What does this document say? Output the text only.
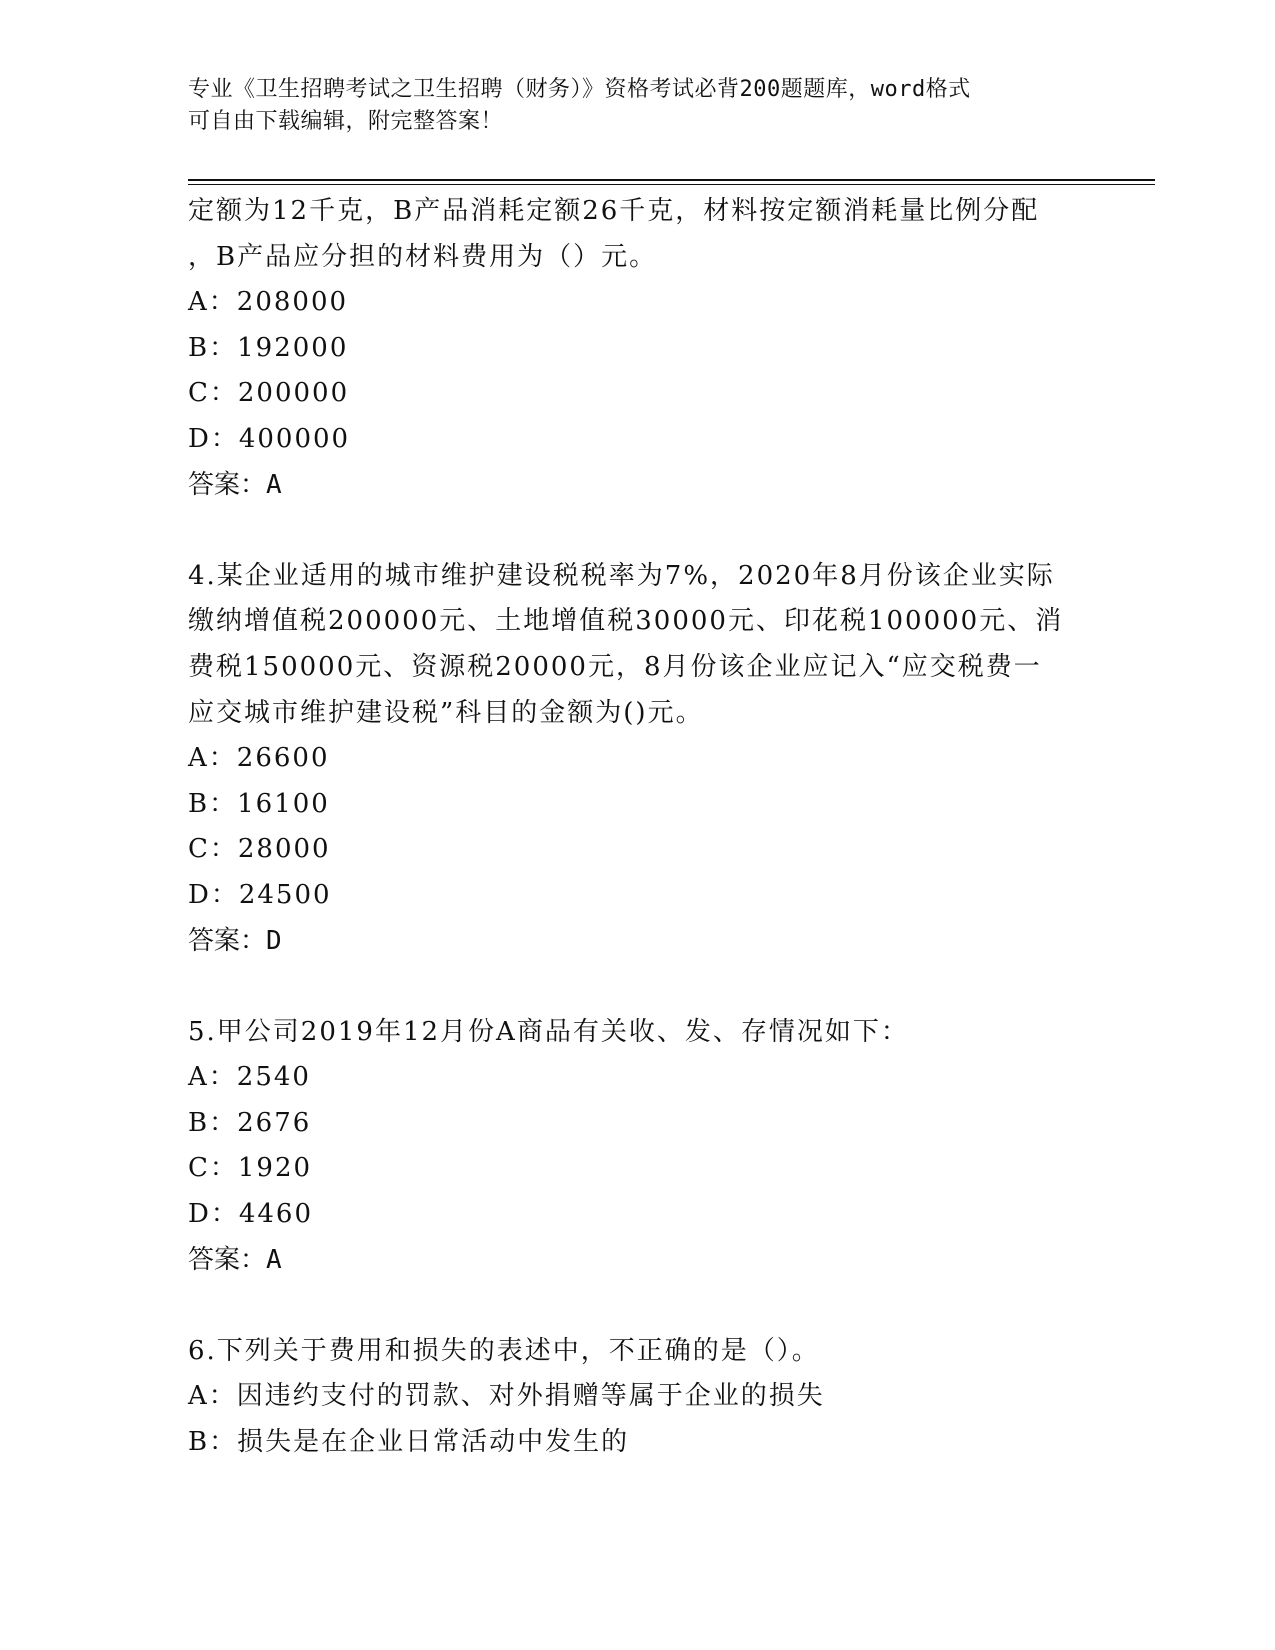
专业《卫生招聘考试之卫生招聘（财务）》资格考试必背200题题库，word格式
可自由下载编辑，附完整答案！
定额为12千克，B产品消耗定额26千克，材料按定额消耗量比例分配
，B产品应分担的材料费用为（）元。
A：208000
B：192000
C：200000
D：400000
答案：A
4.某企业适用的城市维护建设税税率为7%，2020年8月份该企业实际
缴纳增值税200000元、土地增值税30000元、印花税100000元、消
费税150000元、资源税20000元，8月份该企业应记入“应交税费一
应交城市维护建设税”科目的金额为()元。
A：26600
B：16100
C：28000
D：24500
答案：D
5.甲公司2019年12月份A商品有关收、发、存情况如下：
A：2540
B：2676
C：1920
D：4460
答案：A
6.下列关于费用和损失的表述中，不正确的是（）。
A：因违约支付的罚款、对外捐赠等属于企业的损失
B：损失是在企业日常活动中发生的
